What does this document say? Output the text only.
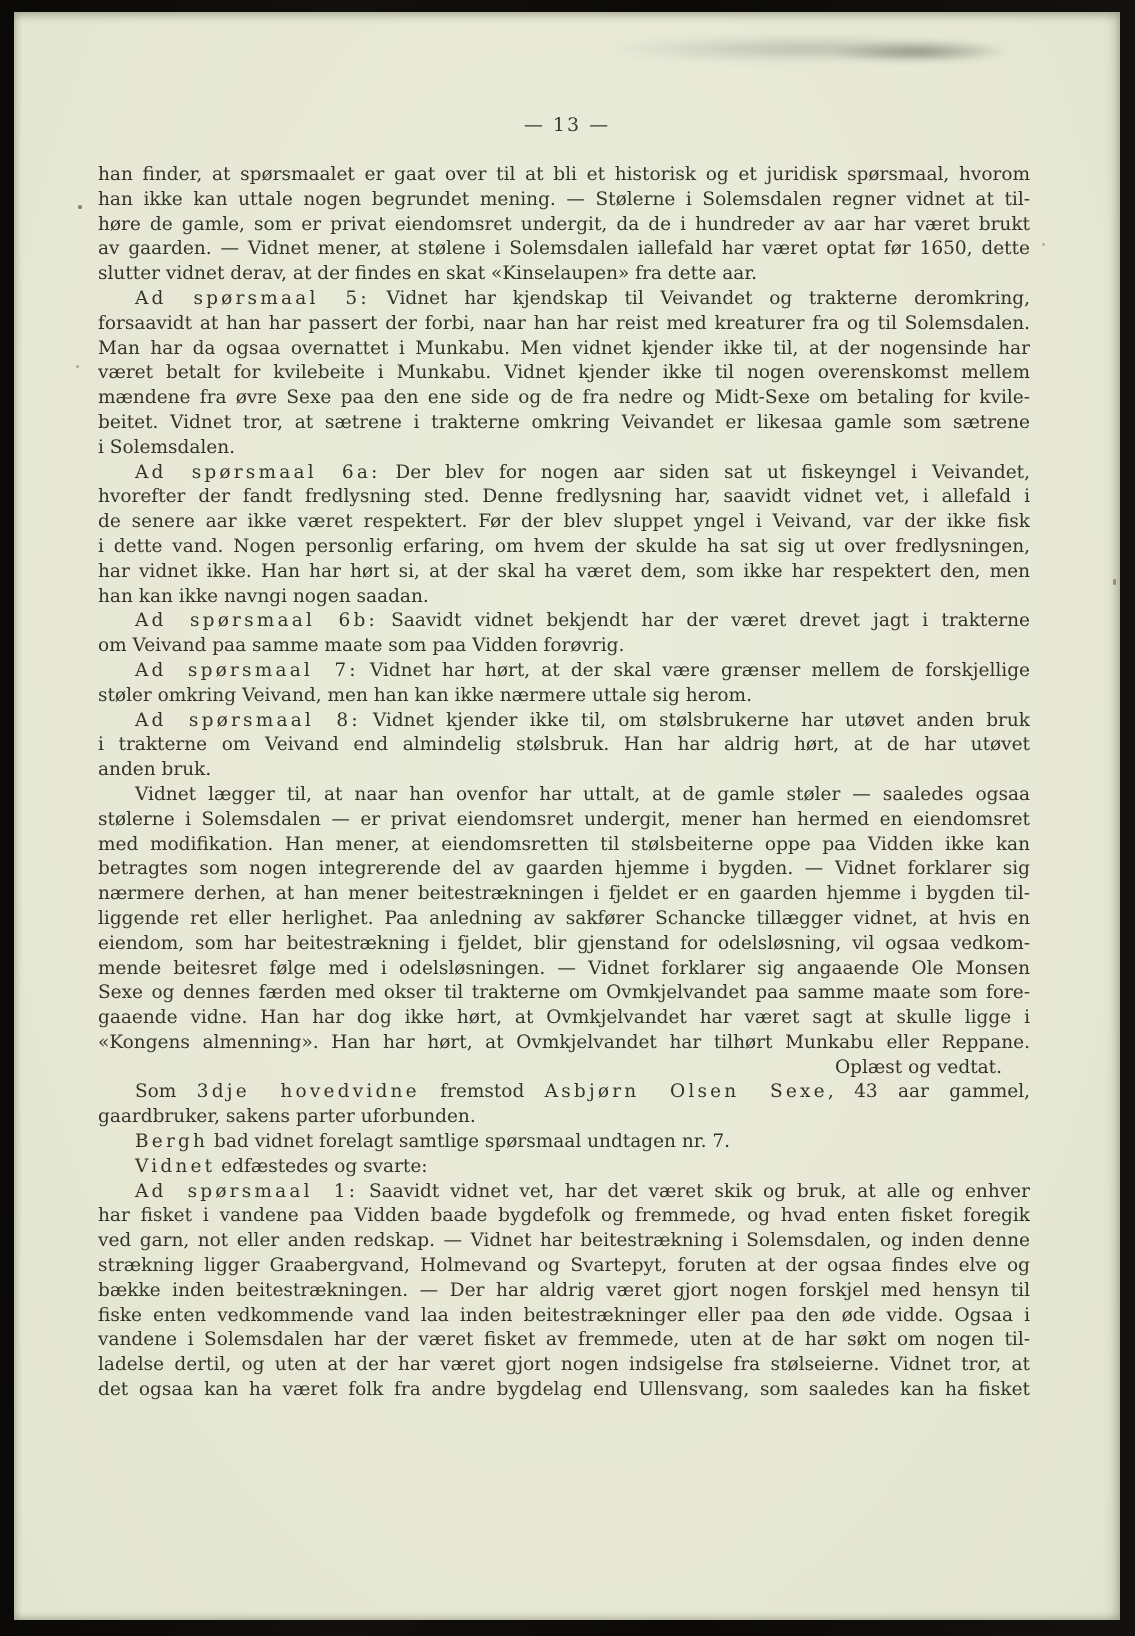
— 13 —
han finder, at spørsmaalet er gaat over til at bli et historisk og et juridisk spørsmaal, hvorom
han ikke kan uttale nogen begrundet mening. — Stølerne i Solemsdalen regner vidnet at til-
høre de gamle, som er privat eiendomsret undergit, da de i hundreder av aar har været brukt
av gaarden. — Vidnet mener, at stølene i Solemsdalen iallefald har været optat før 1650, dette
slutter vidnet derav, at der findes en skat «Kinselaupen» fra dette aar.
Ad spørsmaal 5: Vidnet har kjendskap til Veivandet og trakterne deromkring,
forsaavidt at han har passert der forbi, naar han har reist med kreaturer fra og til Solemsdalen.
Man har da ogsaa overnattet i Munkabu. Men vidnet kjender ikke til, at der nogensinde har
været betalt for kvilebeite i Munkabu. Vidnet kjender ikke til nogen overenskomst mellem
mændene fra øvre Sexe paa den ene side og de fra nedre og Midt-Sexe om betaling for kvile-
beitet. Vidnet tror, at sætrene i trakterne omkring Veivandet er likesaa gamle som sætrene
i Solemsdalen.
Ad spørsmaal 6a: Der blev for nogen aar siden sat ut fiskeyngel i Veivandet,
hvorefter der fandt fredlysning sted. Denne fredlysning har, saavidt vidnet vet, i allefald i
de senere aar ikke været respektert. Før der blev sluppet yngel i Veivand, var der ikke fisk
i dette vand. Nogen personlig erfaring, om hvem der skulde ha sat sig ut over fredlysningen,
har vidnet ikke. Han har hørt si, at der skal ha været dem, som ikke har respektert den, men
han kan ikke navngi nogen saadan.
Ad spørsmaal 6b: Saavidt vidnet bekjendt har der været drevet jagt i trakterne
om Veivand paa samme maate som paa Vidden forøvrig.
Ad spørsmaal 7: Vidnet har hørt, at der skal være grænser mellem de forskjellige
støler omkring Veivand, men han kan ikke nærmere uttale sig herom.
Ad spørsmaal 8: Vidnet kjender ikke til, om stølsbrukerne har utøvet anden bruk
i trakterne om Veivand end almindelig stølsbruk. Han har aldrig hørt, at de har utøvet
anden bruk.
Vidnet lægger til, at naar han ovenfor har uttalt, at de gamle støler — saaledes ogsaa
stølerne i Solemsdalen — er privat eiendomsret undergit, mener han hermed en eiendomsret
med modifikation. Han mener, at eiendomsretten til stølsbeiterne oppe paa Vidden ikke kan
betragtes som nogen integrerende del av gaarden hjemme i bygden. — Vidnet forklarer sig
nærmere derhen, at han mener beitestrækningen i fjeldet er en gaarden hjemme i bygden til-
liggende ret eller herlighet. Paa anledning av sakfører Schancke tillægger vidnet, at hvis en
eiendom, som har beitestrækning i fjeldet, blir gjenstand for odelsløsning, vil ogsaa vedkom-
mende beitesret følge med i odelsløsningen. — Vidnet forklarer sig angaaende Ole Monsen
Sexe og dennes færden med okser til trakterne om Ovmkjelvandet paa samme maate som fore-
gaaende vidne. Han har dog ikke hørt, at Ovmkjelvandet har været sagt at skulle ligge i
«Kongens almenning». Han har hørt, at Ovmkjelvandet har tilhørt Munkabu eller Reppane.
Oplæst og vedtat.
Som 3dje hovedvidne fremstod Asbjørn Olsen Sexe, 43 aar gammel,
gaardbruker, sakens parter uforbunden.
Bergh bad vidnet forelagt samtlige spørsmaal undtagen nr. 7.
Vidnet edfæstedes og svarte:
Ad spørsmaal 1: Saavidt vidnet vet, har det været skik og bruk, at alle og enhver
har fisket i vandene paa Vidden baade bygdefolk og fremmede, og hvad enten fisket foregik
ved garn, not eller anden redskap. — Vidnet har beitestrækning i Solemsdalen, og inden denne
strækning ligger Graabergvand, Holmevand og Svartepyt, foruten at der ogsaa findes elve og
bække inden beitestrækningen. — Der har aldrig været gjort nogen forskjel med hensyn til
fiske enten vedkommende vand laa inden beitestrækninger eller paa den øde vidde. Ogsaa i
vandene i Solemsdalen har der været fisket av fremmede, uten at de har søkt om nogen til-
ladelse dertil, og uten at der har været gjort nogen indsigelse fra stølseierne. Vidnet tror, at
det ogsaa kan ha været folk fra andre bygdelag end Ullensvang, som saaledes kan ha fisket
